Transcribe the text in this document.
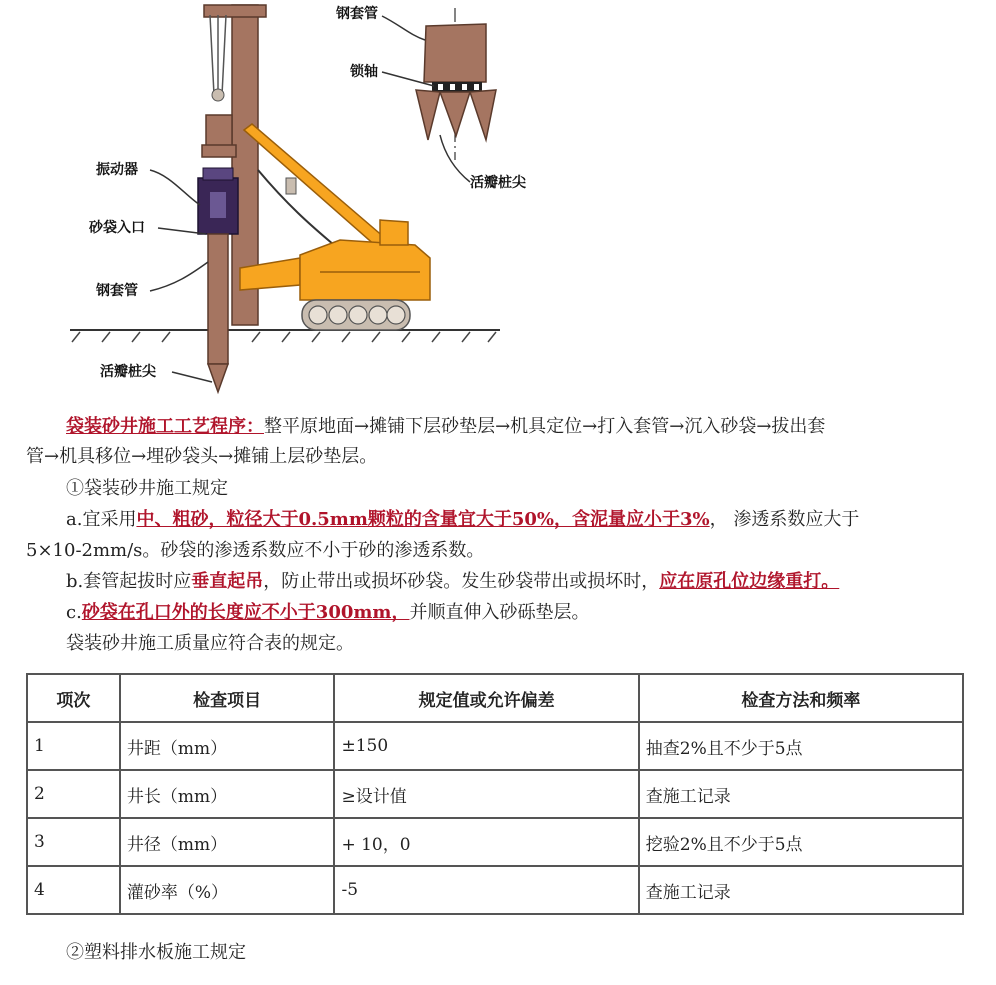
振动器
砂袋入口
钢套管
活瓣桩尖
钢套管
锁轴
活瓣桩尖

袋装砂井施工工艺程序：整平原地面→摊铺下层砂垫层→机具定位→打入套管→沉入砂袋→拔出套

管→机具移位→埋砂袋头→摊铺上层砂垫层。

①袋装砂井施工规定

a.宜采用中、粗砂，粒径大于0.5mm颗粒的含量宜大于50%，含泥量应小于3%， 渗透系数应大于

5×10-2mm/s。砂袋的渗透系数应不小于砂的渗透系数。

b.套管起拔时应垂直起吊，防止带出或损坏砂袋。发生砂袋带出或损坏时，应在原孔位边缘重打。

c.砂袋在孔口外的长度应不小于300mm，并顺直伸入砂砾垫层。

袋装砂井施工质量应符合表的规定。

项次	检查项目	规定值或允许偏差	检查方法和频率
1	井距（mm）	±150	抽查2%且不少于5点
2	井长（mm）	≥设计值	查施工记录
3	井径（mm）	+ 10，0	挖验2%且不少于5点
4	灌砂率（%）	-5	查施工记录

②塑料排水板施工规定
